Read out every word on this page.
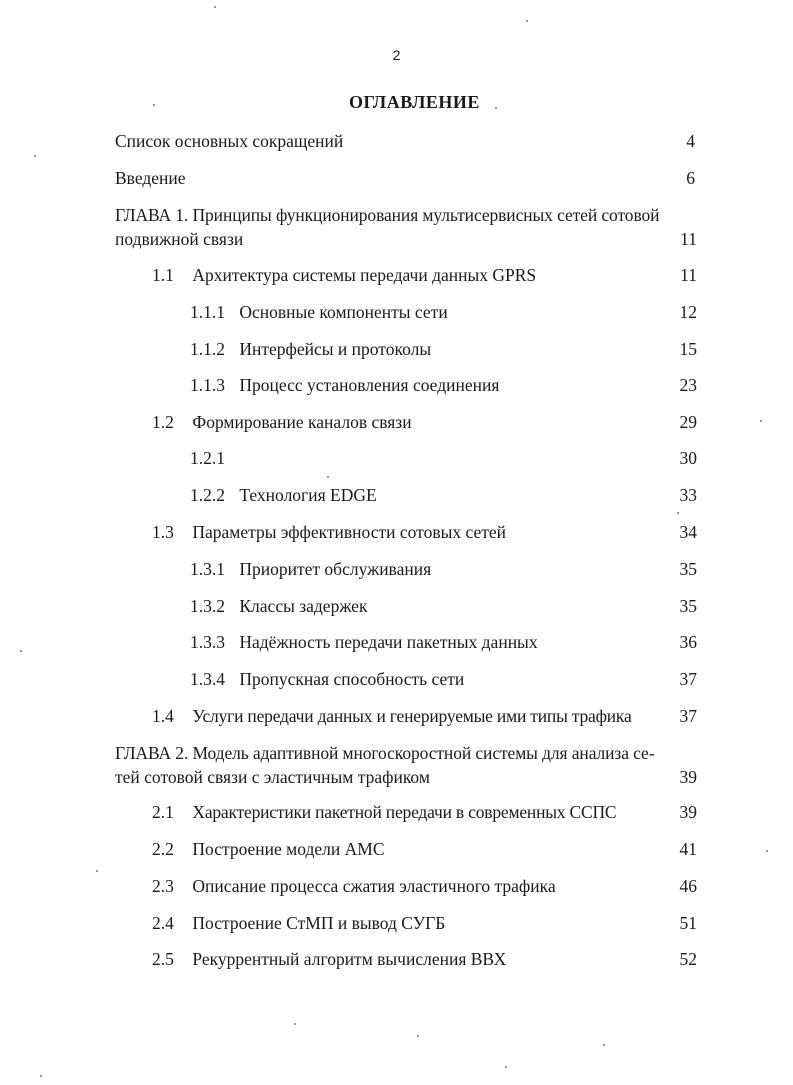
2
ОГЛАВЛЕНИЕ
Список основных сокращений	4
Введение	6
ГЛАВА 1. Принципы функционирования мультисервисных сетей сотовой
подвижной связи	11
1.1 Архитектура системы передачи данных GPRS	11
1.1.1 Основные компоненты сети	12
1.1.2 Интерфейсы и протоколы	15
1.1.3 Процесс установления соединения	23
1.2 Формирование каналов связи	29
1.2.1	30
1.2.2 Технология EDGE	33
1.3 Параметры эффективности сотовых сетей	34
1.3.1 Приоритет обслуживания	35
1.3.2 Классы задержек	35
1.3.3 Надёжность передачи пакетных данных	36
1.3.4 Пропускная способность сети	37
1.4 Услуги передачи данных и генерируемые ими типы трафика	37
ГЛАВА 2. Модель адаптивной многоскоростной системы для анализа се-
тей сотовой связи с эластичным трафиком	39
2.1 Характеристики пакетной передачи в современных ССПС	39
2.2 Построение модели АМС	41
2.3 Описание процесса сжатия эластичного трафика	46
2.4 Построение СтМП и вывод СУГБ	51
2.5 Рекуррентный алгоритм вычисления ВВХ	52
